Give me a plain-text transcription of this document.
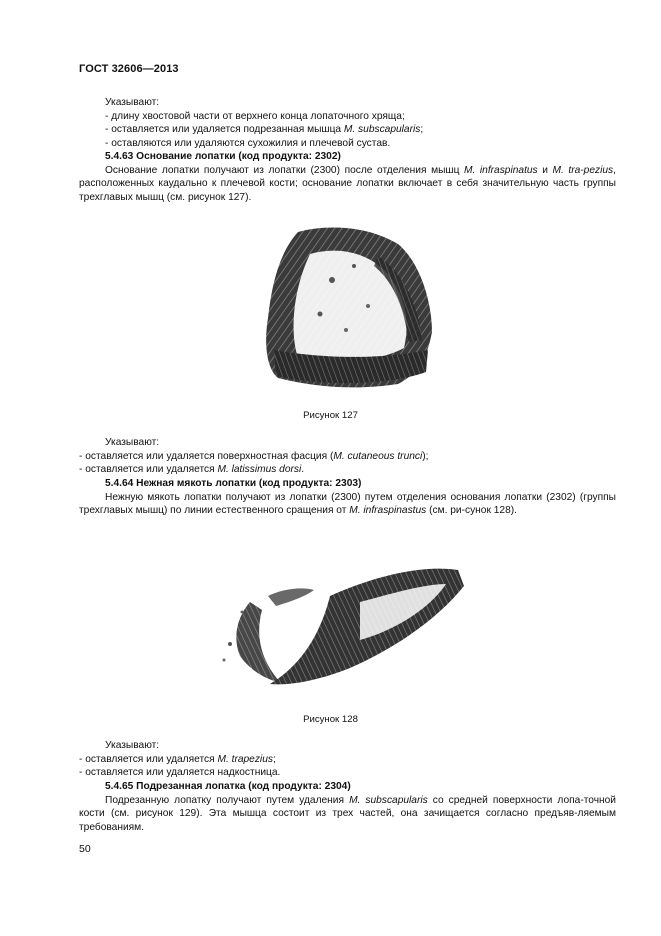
ГОСТ 32606—2013
Указывают:
- длину хвостовой части от верхнего конца лопаточного хряща;
- оставляется или удаляется подрезанная мышца M. subscapularis;
- оставляются или удаляются сухожилия и плечевой сустав.
5.4.63 Основание лопатки (код продукта: 2302)

Основание лопатки получают из лопатки (2300) после отделения мышц M. infraspinatus и M. tra-pezius, расположенных каудально к плечевой кости; основание лопатки включает в себя значительную часть группы трехглавых мышц (см. рисунок 127).

Рисунок 127
Указывают:
- оставляется или удаляется поверхностная фасция (M. cutaneous trunci);
- оставляется или удаляется M. latissimus dorsi.
5.4.64 Нежная мякоть лопатки (код продукта: 2303)

Нежную мякоть лопатки получают из лопатки (2300) путем отделения основания лопатки (2302) (группы трехглавых мышц) по линии естественного сращения от M. infraspinastus (см. ри-сунок 128).

Рисунок 128
Указывают:
- оставляется или удаляется M. trapezius;
- оставляется или удаляется надкостница.
5.4.65 Подрезанная лопатка (код продукта: 2304)

Подрезанную лопатку получают путем удаления M. subscapularis со средней поверхности лопа-точной кости (см. рисунок 129). Эта мышца состоит из трех частей, она зачищается согласно предъяв-ляемым требованиям.

50
